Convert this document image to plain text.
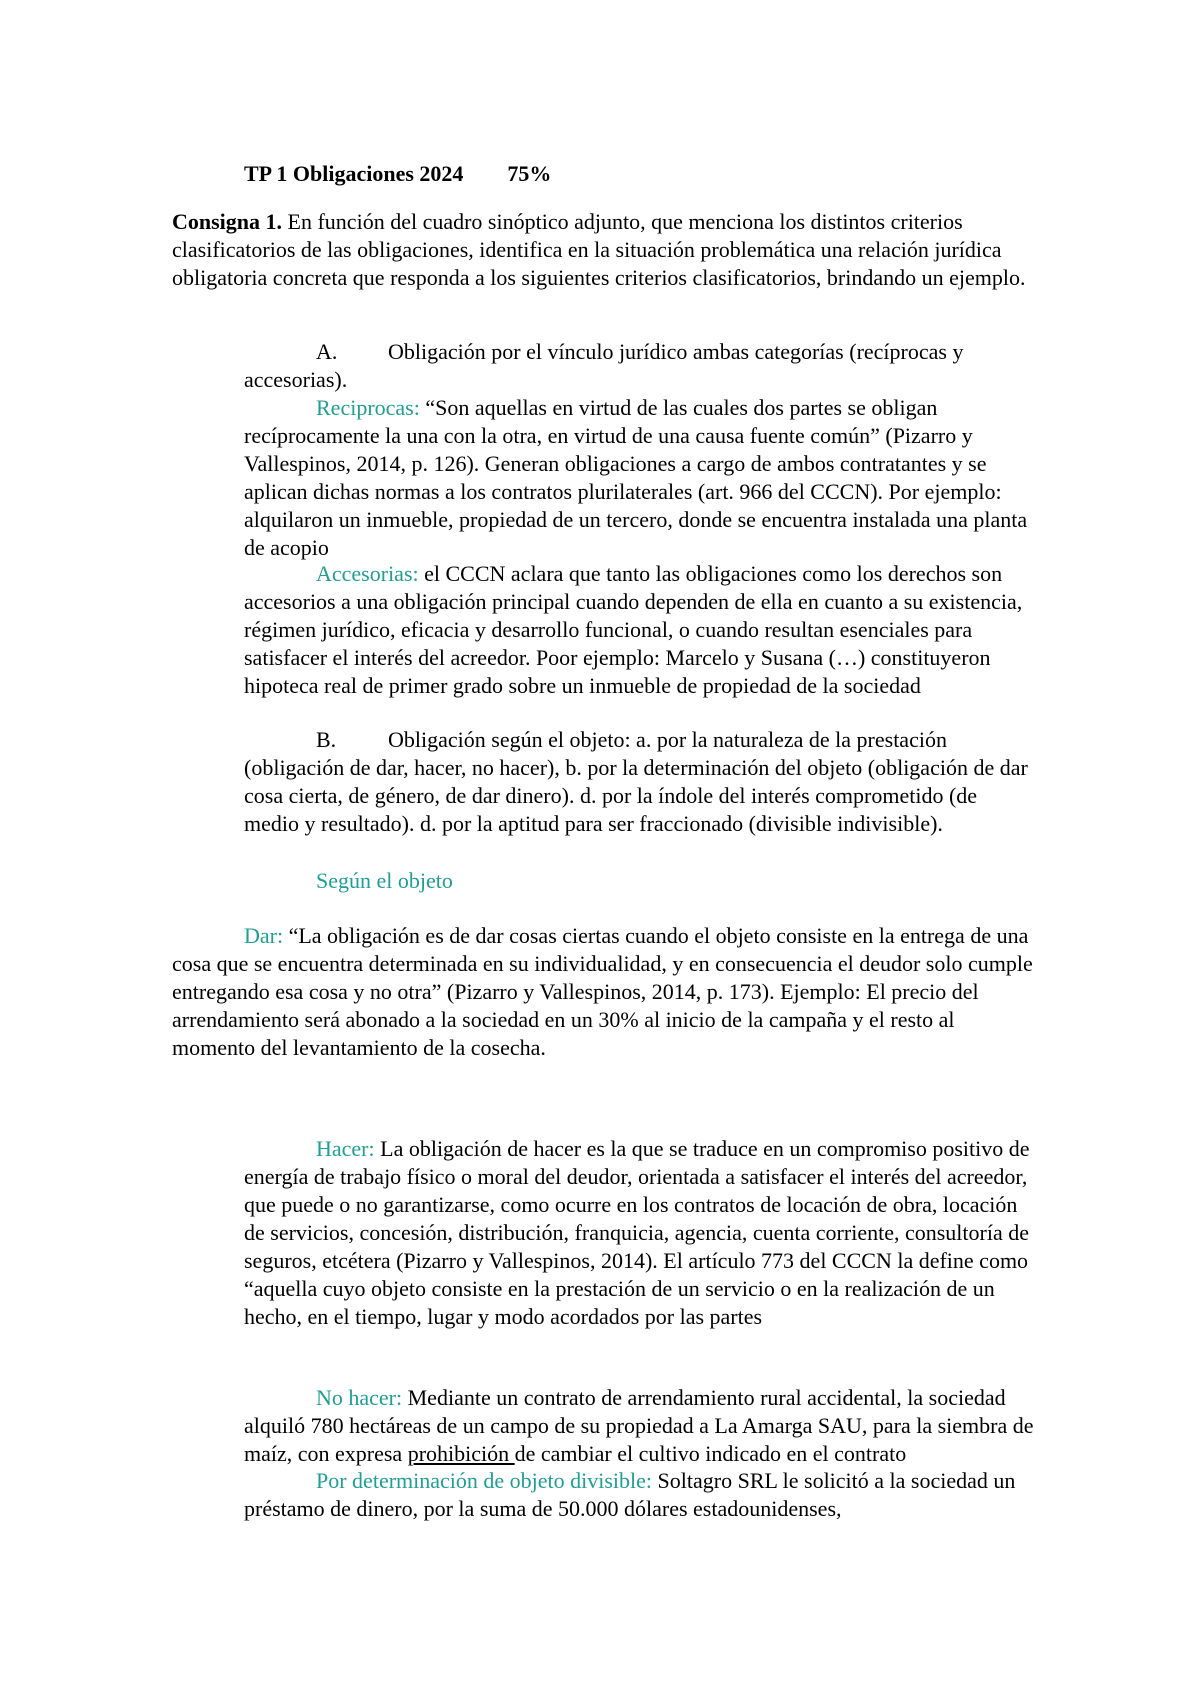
TP 1 Obligaciones 2024 75%

Consigna 1. En función del cuadro sinóptico adjunto, que menciona los distintos criterios clasificatorios de las obligaciones, identifica en la situación problemática una relación jurídica obligatoria concreta que responda a los siguientes criterios clasificatorios, brindando un ejemplo.

A. Obligación por el vínculo jurídico ambas categorías (recíprocas y accesorias).

Reciprocas: “Son aquellas en virtud de las cuales dos partes se obligan recíprocamente la una con la otra, en virtud de una causa fuente común” (Pizarro y Vallespinos, 2014, p. 126). Generan obligaciones a cargo de ambos contratantes y se aplican dichas normas a los contratos plurilaterales (art. 966 del CCCN). Por ejemplo: alquilaron un inmueble, propiedad de un tercero, donde se encuentra instalada una planta de acopio

Accesorias: el CCCN aclara que tanto las obligaciones como los derechos son accesorios a una obligación principal cuando dependen de ella en cuanto a su existencia, régimen jurídico, eficacia y desarrollo funcional, o cuando resultan esenciales para satisfacer el interés del acreedor. Poor ejemplo: Marcelo y Susana (…) constituyeron hipoteca real de primer grado sobre un inmueble de propiedad de la sociedad

B. Obligación según el objeto: a. por la naturaleza de la prestación (obligación de dar, hacer, no hacer), b. por la determinación del objeto (obligación de dar cosa cierta, de género, de dar dinero). d. por la índole del interés comprometido (de medio y resultado). d. por la aptitud para ser fraccionado (divisible indivisible).

Según el objeto

Dar: “La obligación es de dar cosas ciertas cuando el objeto consiste en la entrega de una cosa que se encuentra determinada en su individualidad, y en consecuencia el deudor solo cumple entregando esa cosa y no otra” (Pizarro y Vallespinos, 2014, p. 173). Ejemplo: El precio del arrendamiento será abonado a la sociedad en un 30% al inicio de la campaña y el resto al momento del levantamiento de la cosecha.

Hacer: La obligación de hacer es la que se traduce en un compromiso positivo de energía de trabajo físico o moral del deudor, orientada a satisfacer el interés del acreedor, que puede o no garantizarse, como ocurre en los contratos de locación de obra, locación de servicios, concesión, distribución, franquicia, agencia, cuenta corriente, consultoría de seguros, etcétera (Pizarro y Vallespinos, 2014). El artículo 773 del CCCN la define como “aquella cuyo objeto consiste en la prestación de un servicio o en la realización de un hecho, en el tiempo, lugar y modo acordados por las partes

No hacer: Mediante un contrato de arrendamiento rural accidental, la sociedad alquiló 780 hectáreas de un campo de su propiedad a La Amarga SAU, para la siembra de maíz, con expresa prohibición de cambiar el cultivo indicado en el contrato

Por determinación de objeto divisible: Soltagro SRL le solicitó a la sociedad un préstamo de dinero, por la suma de 50.000 dólares estadounidenses,
